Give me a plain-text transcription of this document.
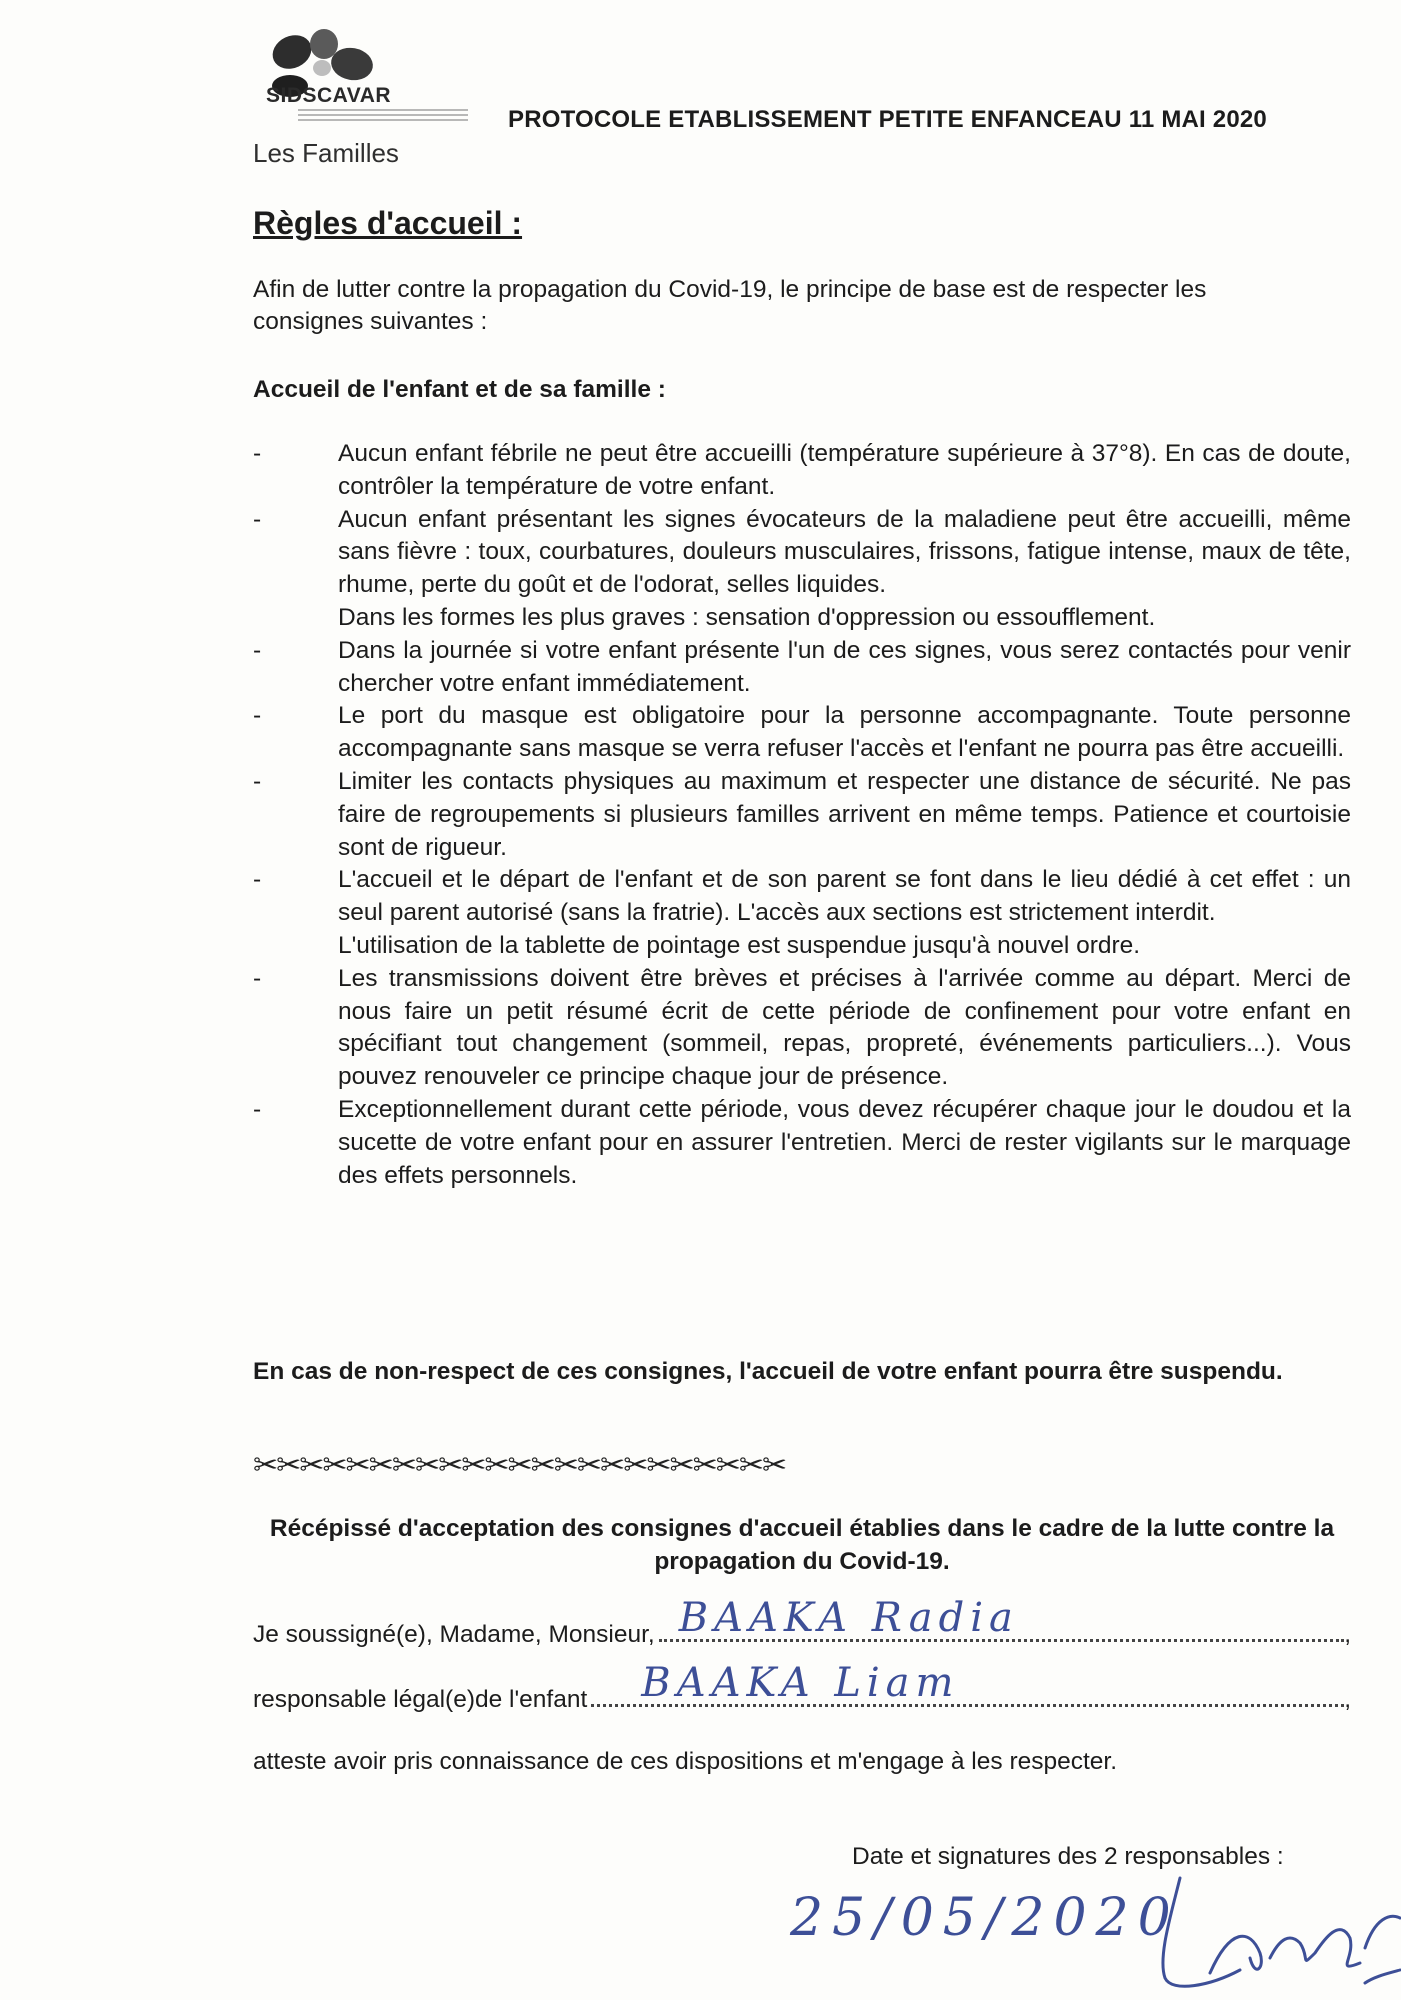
SIDSCAVAR
Les Familles
PROTOCOLE ETABLISSEMENT PETITE ENFANCEAU 11 MAI 2020
Règles d'accueil :
Afin de lutter contre la propagation du Covid-19, le principe de base est de respecter les consignes suivantes :
Accueil de l'enfant et de sa famille :
-	Aucun enfant fébrile ne peut être accueilli (température supérieure à 37°8). En cas de doute, contrôler la température de votre enfant.

-	Aucun enfant présentant les signes évocateurs de la maladiene peut être accueilli, même sans fièvre : toux, courbatures, douleurs musculaires, frissons, fatigue intense, maux de tête, rhume, perte du goût et de l'odorat, selles liquides.

Dans les formes les plus graves : sensation d'oppression ou essoufflement.

-	Dans la journée si votre enfant présente l'un de ces signes, vous serez contactés pour venir chercher votre enfant immédiatement.

-	Le port du masque est obligatoire pour la personne accompagnante. Toute personne accompagnante sans masque se verra refuser l'accès et l'enfant ne pourra pas être accueilli.

-	Limiter les contacts physiques au maximum et respecter une distance de sécurité. Ne pas faire de regroupements si plusieurs familles arrivent en même temps. Patience et courtoisie sont de rigueur.

-	L'accueil et le départ de l'enfant et de son parent se font dans le lieu dédié à cet effet : un seul parent autorisé (sans la fratrie). L'accès aux sections est strictement interdit.

L'utilisation de la tablette de pointage est suspendue jusqu'à nouvel ordre.

-	Les transmissions doivent être brèves et précises à l'arrivée comme au départ. Merci de nous faire un petit résumé écrit de cette période de confinement pour votre enfant en spécifiant tout changement (sommeil, repas, propreté, événements particuliers...). Vous pouvez renouveler ce principe chaque jour de présence.

-	Exceptionnellement durant cette période, vous devez récupérer chaque jour le doudou et la sucette de votre enfant pour en assurer l'entretien. Merci de rester vigilants sur le marquage des effets personnels.

En cas de non-respect de ces consignes, l'accueil de votre enfant pourra être suspendu.
✂✂✂✂✂✂✂✂✂✂✂✂✂✂✂✂✂✂✂✂✂✂✂
Récépissé d'acceptation des consignes d'accueil établies dans le cadre de la lutte contre la propagation du Covid-19.
Je soussigné(e), Madame, Monsieur, BAAKA Radia	,
responsable légal(e)de l'enfant BAAKA Liam	,
atteste avoir pris connaissance de ces dispositions et m'engage à les respecter.
Date et signatures des 2 responsables :
25/05/2020
